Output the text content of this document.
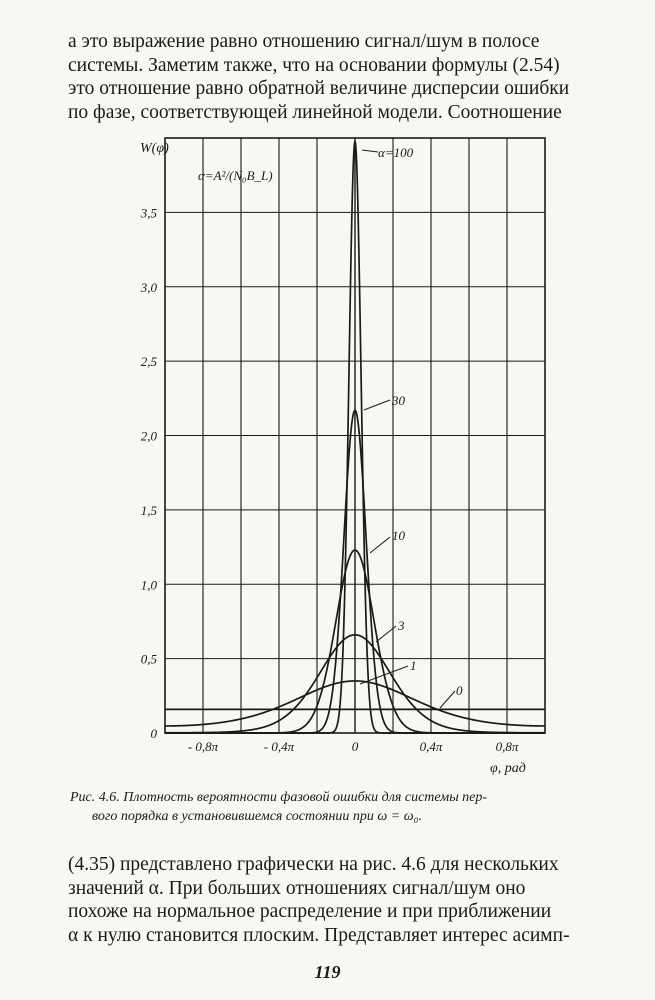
а это выражение равно отношению сигнал/шум в полосе
системы. Заметим также, что на основании формулы (2.54)
это отношение равно обратной величине дисперсии ошибки
по фазе, соответствующей линейной модели. Соотношение

W(φ)
α=A²/(N₀B_L)
φ, рад
0
0,5
1,0
1,5
2,0
2,5
3,0
3,5
- 0,8π	- 0,4π	0	0,4π	0,8π
α=100
30
10
3
1
0

Рис. 4.6. Плотность вероятности фазовой ошибки для системы пер-
вого порядка в установившемся состоянии при ω = ω₀.

(4.35) представлено графически на рис. 4.6 для нескольких
значений α. При больших отношениях сигнал/шум оно
похоже на нормальное распределение и при приближении
α к нулю становится плоским. Представляет интерес асимп-

119
